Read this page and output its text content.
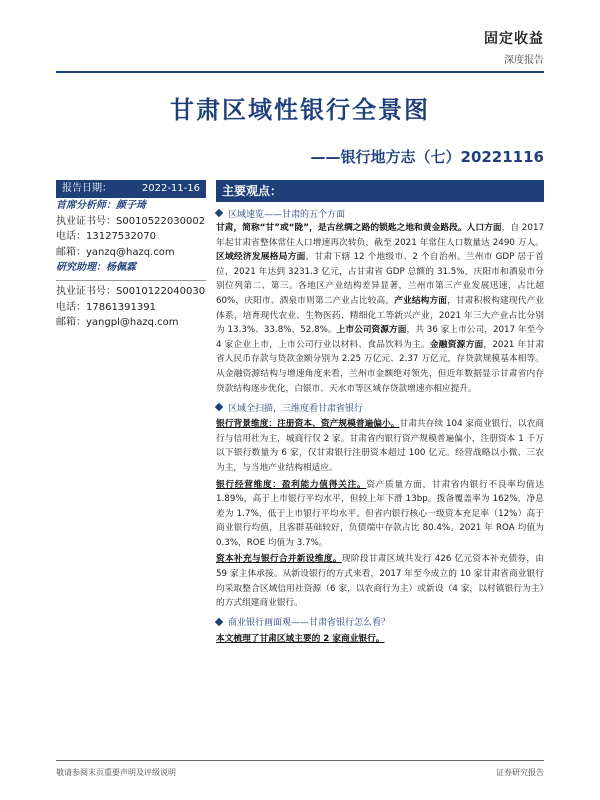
固定收益
深度报告
甘肃区域性银行全景图
——银行地方志（七）20221116
报告日期：	2022-11-16
首席分析师：颜子琦
执业证书号：S0010522030002
电话：13127532070
邮箱：yanzq@hazq.com
研究助理：杨佩霖
执业证书号：S0010122040030
电话：17861391391
邮箱：yangpl@hazq.com
主要观点：
区域速览——甘肃的五个方面
甘肃，简称“甘”或“陇”，是古丝绸之路的锁匙之地和黄金路段。人口方面，自 2017 年起甘肃省整体常住人口增速再次转负，截至 2021 年常住人口数量达 2490 万人。区域经济发展格局方面，甘肃下辖 12 个地级市、2 个自治州。兰州市 GDP 居于首位，2021 年达到 3231.3 亿元，占甘肃省 GDP 总额的 31.5%，庆阳市和酒泉市分别位列第二、第三。各地区产业结构差异显著，兰州市第三产业发展迅速，占比超 60%，庆阳市、酒泉市则第二产业占比较高。产业结构方面，甘肃积极构建现代产业体系，培育现代农业、生物医药、精细化工等新兴产业，2021 年三大产业占比分别为 13.3%、33.8%、52.8%。上市公司资源方面，共 36 家上市公司，2017 年至今 4 家企业上市，上市公司行业以材料、食品饮料为主。金融资源方面，2021 年甘肃省人民币存款与贷款金额分别为 2.25 万亿元、2.37 万亿元，存贷款规模基本相等。从金融资源结构与增速角度来看，兰州市金额绝对领先，但近年数据显示甘肃省内存贷款结构逐步优化，白银市、天水市等区域存贷款增速亦相应提升。
区域全扫描，三维度看甘肃省银行
银行背景维度：注册资本、资产规模普遍偏小。甘肃共存续 104 家商业银行，以农商行与信用社为主，城商行仅 2 家。甘肃省内银行资产规模普遍偏小，注册资本 1 千万以下银行数量为 6 家，仅甘肃银行注册资本超过 100 亿元。经营战略以小微、三农为主，与当地产业结构相适应。
银行经营维度：盈利能力值得关注。资产质量方面，甘肃省内银行不良率均值达 1.89%，高于上市银行平均水平，但较上年下滑 13bp。拨备覆盖率为 162%，净息差为 1.7%，低于上市银行平均水平。但省内银行核心一级资本充足率（12%）高于商业银行均值，且客群基础较好，负债端中存款占比 80.4%。2021 年 ROA 均值为 0.3%，ROE 均值为 3.7%。
资本补充与银行合并新设维度。现阶段甘肃区域共发行 426 亿元资本补充债券，由 59 家主体承接。从新设银行的方式来看，2017 年至今成立的 10 家甘肃省商业银行均采取整合区域信用社资源（6 家，以农商行为主）或新设（4 家，以村镇银行为主）的方式组建商业银行。
商业银行画面观——甘肃省银行怎么看？
本文梳理了甘肃区域主要的 2 家商业银行。
敬请参阅末页重要声明及评级说明	证券研究报告
